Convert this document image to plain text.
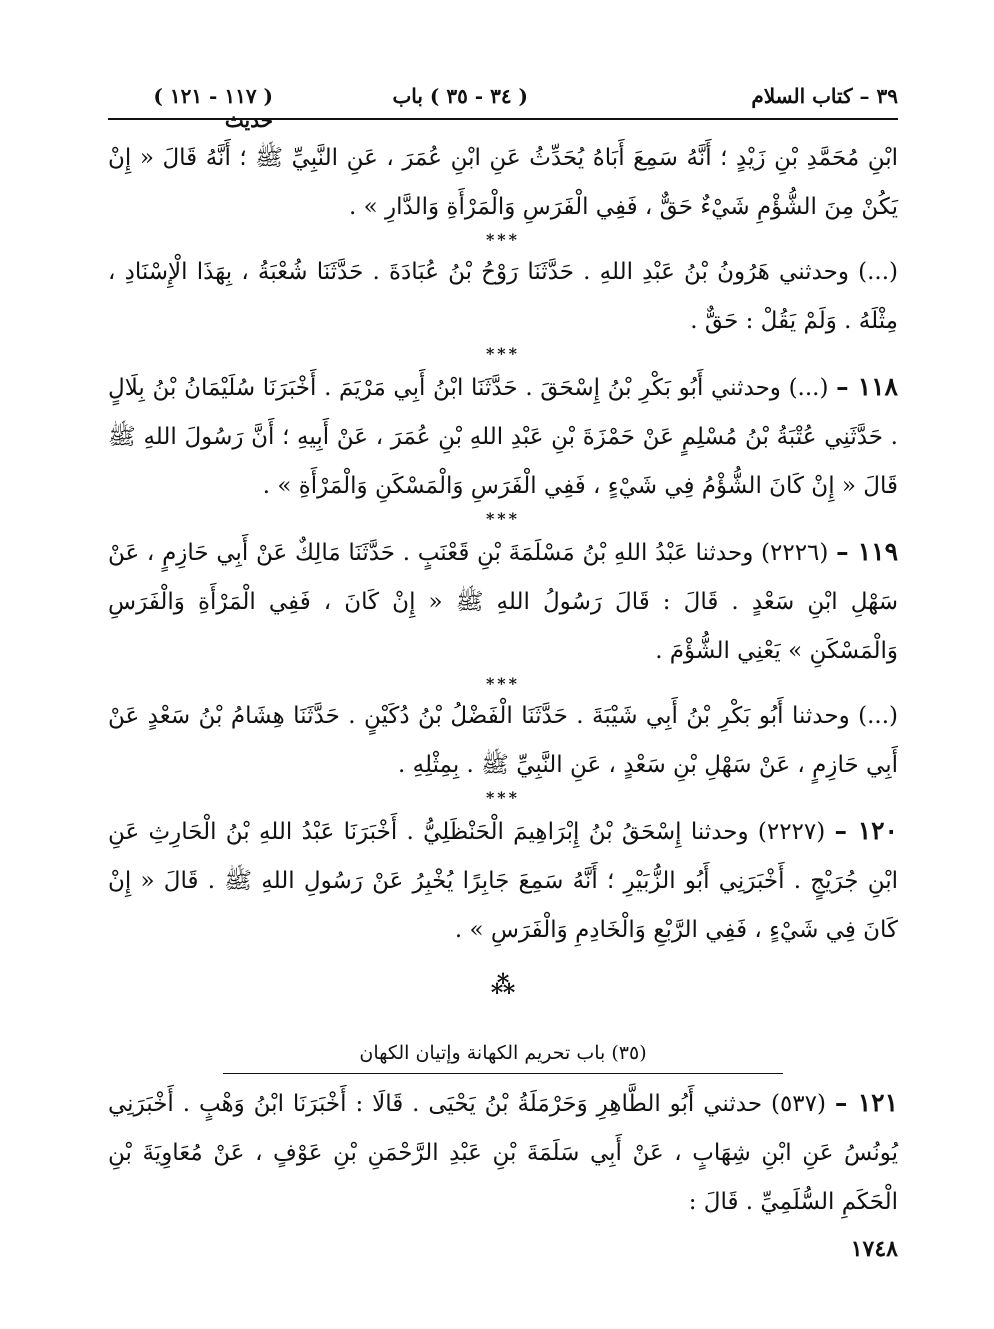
٣٩ – كتاب السلام
( ٣٤ - ٣٥ ) باب
( ١١٧ - ١٢١ ) حديث

ابْنِ مُحَمَّدِ بْنِ زَيْدٍ ؛ أَنَّهُ سَمِعَ أَبَاهُ يُحَدِّثُ عَنِ ابْنِ عُمَرَ ، عَنِ النَّبِيِّ ﷺ ؛ أَنَّهُ قَالَ « إِنْ يَكُنْ مِنَ الشُّؤْمِ شَيْءٌ حَقٌّ ، فَفِي الْفَرَسِ وَالْمَرْأَةِ وَالدَّارِ » .

***

(...) وحدثني هَرُونُ بْنُ عَبْدِ اللهِ . حَدَّثَنَا رَوْحُ بْنُ عُبَادَةَ . حَدَّثَنَا شُعْبَةُ ، بِهَذَا الْإِسْنَادِ ، مِثْلَهُ . وَلَمْ يَقُلْ : حَقٌّ .

***

١١٨ – (...) وحدثني أَبُو بَكْرِ بْنُ إِسْحَقَ . حَدَّثَنَا ابْنُ أَبِي مَرْيَمَ . أَخْبَرَنَا سُلَيْمَانُ بْنُ بِلَالٍ . حَدَّثَنِي عُتْبَةُ بْنُ مُسْلِمٍ عَنْ حَمْزَةَ بْنِ عَبْدِ اللهِ بْنِ عُمَرَ ، عَنْ أَبِيهِ ؛ أَنَّ رَسُولَ اللهِ ﷺ قَالَ « إِنْ كَانَ الشُّؤْمُ فِي شَيْءٍ ، فَفِي الْفَرَسِ وَالْمَسْكَنِ وَالْمَرْأَةِ » .

***

١١٩ – (٢٢٢٦) وحدثنا عَبْدُ اللهِ بْنُ مَسْلَمَةَ بْنِ قَعْنَبٍ . حَدَّثَنَا مَالِكٌ عَنْ أَبِي حَازِمٍ ، عَنْ سَهْلِ ابْنِ سَعْدٍ . قَالَ : قَالَ رَسُولُ اللهِ ﷺ « إِنْ كَانَ ، فَفِي الْمَرْأَةِ وَالْفَرَسِ وَالْمَسْكَنِ » يَعْنِي الشُّؤْمَ .

***

(...) وحدثنا أَبُو بَكْرِ بْنُ أَبِي شَيْبَةَ . حَدَّثَنَا الْفَضْلُ بْنُ دُكَيْنٍ . حَدَّثَنَا هِشَامُ بْنُ سَعْدٍ عَنْ أَبِي حَازِمٍ ، عَنْ سَهْلِ بْنِ سَعْدٍ ، عَنِ النَّبِيِّ ﷺ . بِمِثْلِهِ .

***

١٢٠ – (٢٢٢٧) وحدثنا إِسْحَقُ بْنُ إِبْرَاهِيمَ الْحَنْظَلِيُّ . أَخْبَرَنَا عَبْدُ اللهِ بْنُ الْحَارِثِ عَنِ ابْنِ جُرَيْجٍ . أَخْبَرَنِي أَبُو الزُّبَيْرِ ؛ أَنَّهُ سَمِعَ جَابِرًا يُخْبِرُ عَنْ رَسُولِ اللهِ ﷺ . قَالَ « إِنْ كَانَ فِي شَيْءٍ ، فَفِي الرَّبْعِ وَالْخَادِمِ وَالْفَرَسِ » .

⁂

(٣٥) باب تحريم الكهانة وإتيان الكهان

١٢١ – (٥٣٧) حدثني أَبُو الطَّاهِرِ وَحَرْمَلَةُ بْنُ يَحْيَى . قَالَا : أَخْبَرَنَا ابْنُ وَهْبٍ . أَخْبَرَنِي يُونُسُ عَنِ ابْنِ شِهَابٍ ، عَنْ أَبِي سَلَمَةَ بْنِ عَبْدِ الرَّحْمَنِ بْنِ عَوْفٍ ، عَنْ مُعَاوِيَةَ بْنِ الْحَكَمِ السُّلَمِيِّ . قَالَ :

١٧٤٨
